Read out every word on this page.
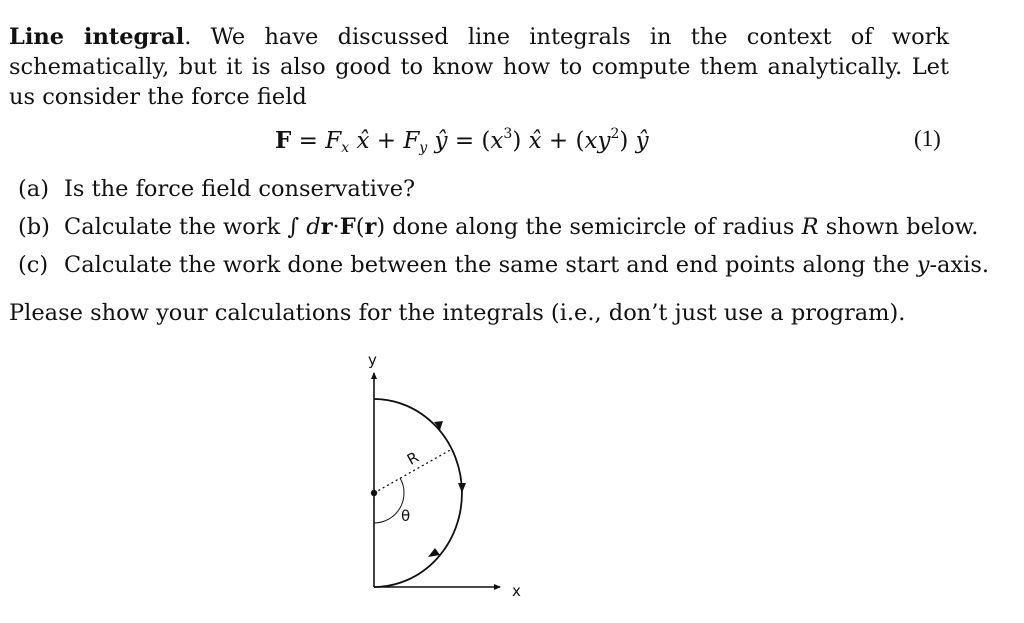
Line integral. We have discussed line integrals in the context of work schematically, but it is also good to know how to compute them analytically. Let us consider the force field
$F = F_x$ x̂ + $F_y$ ŷ = $(x^3)$ x̂ + $(xy^2)$ ŷ	(1)
(a) Is the force field conservative?
(b) Calculate the work ∫ dr·F(r) done along the semicircle of radius R shown below.
(c) Calculate the work done between the same start and end points along the y-axis.
Please show your calculations for the integrals (i.e., don’t just use a program).
y
x
R
θ
